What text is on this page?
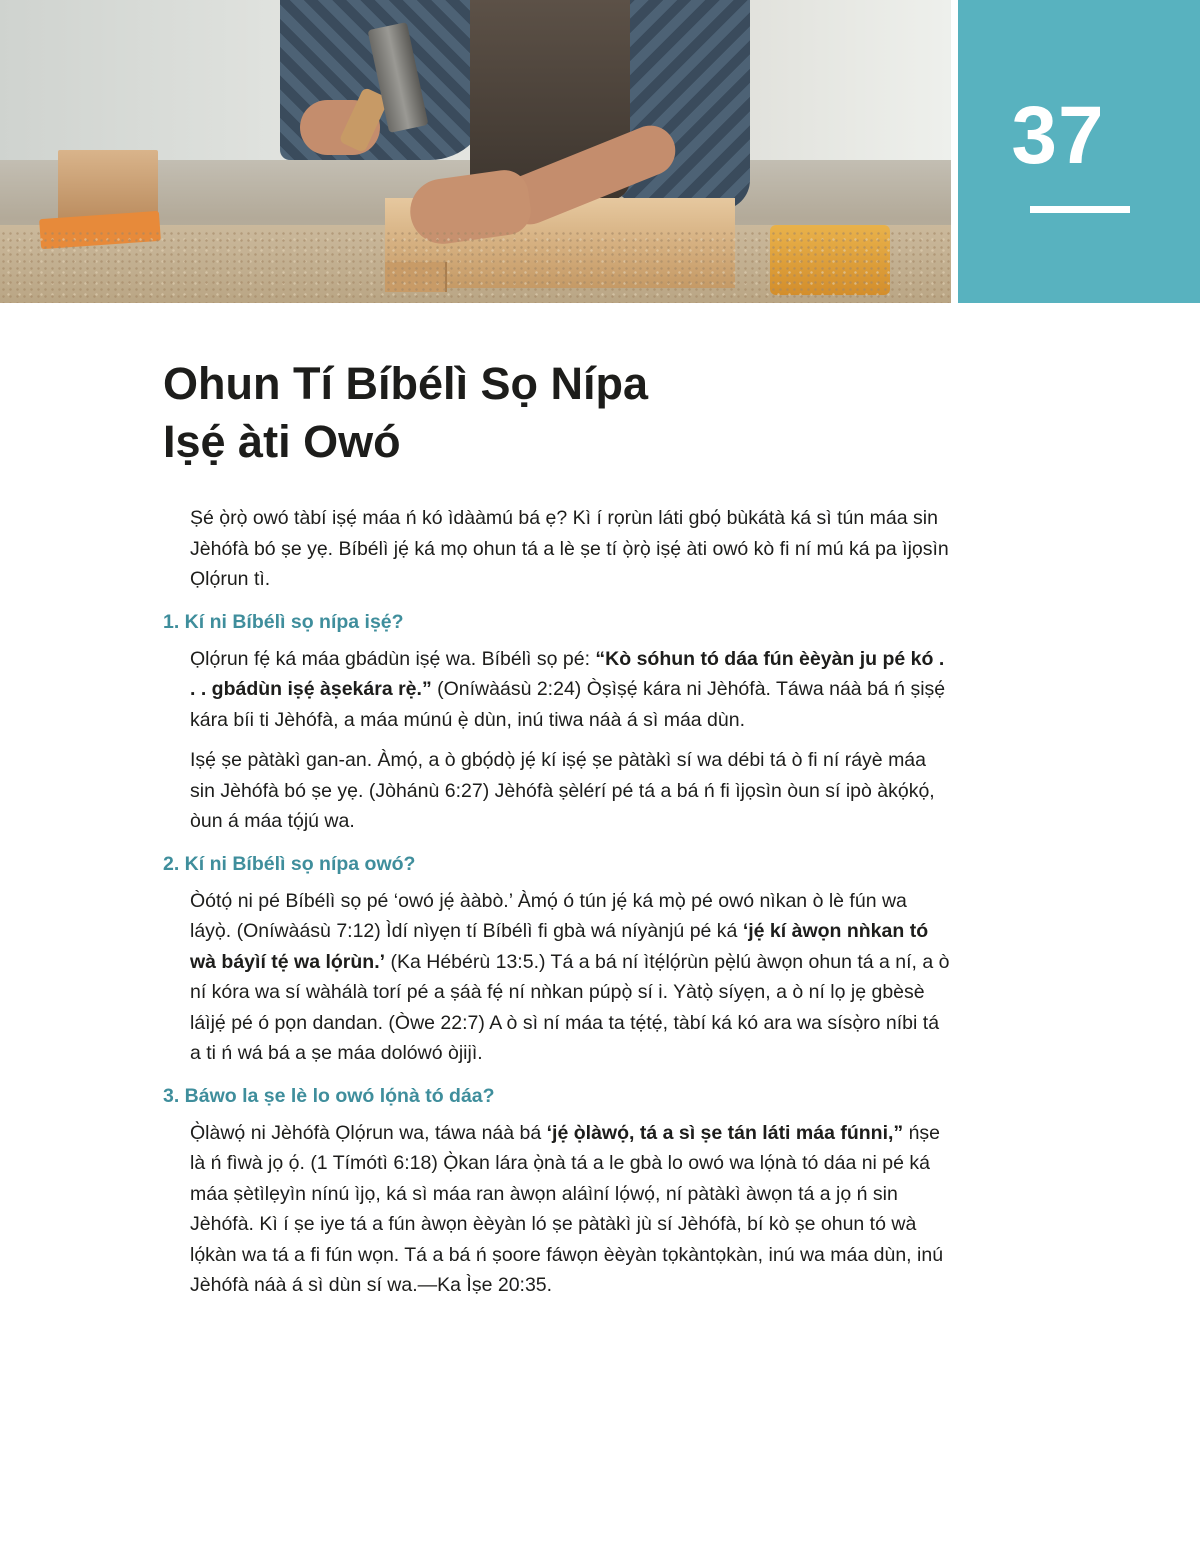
37
Ohun Tí Bíbélì Sọ Nípa
Iṣẹ́ àti Owó

Ṣé ọ̀rọ̀ owó tàbí iṣẹ́ máa ń kó ìdààmú bá ẹ? Kì í rọrùn láti gbọ́ bùkátà ká sì tún máa sin Jèhófà bó ṣe yẹ. Bíbélì jẹ́ ká mọ ohun tá a lè ṣe tí ọ̀rọ̀ iṣẹ́ àti owó kò fi ní mú ká pa ìjọsìn Ọlọ́run tì.

1. Kí ni Bíbélì sọ nípa iṣẹ́?

Ọlọ́run fẹ́ ká máa gbádùn iṣẹ́ wa. Bíbélì sọ pé: “Kò sóhun tó dáa fún èèyàn ju pé kó . . . gbádùn iṣẹ́ àṣekára rẹ̀.” (Oníwàásù 2:24) Òṣìṣẹ́ kára ni Jèhófà. Táwa náà bá ń ṣiṣẹ́ kára bíi ti Jèhófà, a máa múnú ẹ̀ dùn, inú tiwa náà á sì máa dùn.

Iṣẹ́ ṣe pàtàkì gan-an. Àmọ́, a ò gbọ́dọ̀ jẹ́ kí iṣẹ́ ṣe pàtàkì sí wa débi tá ò fi ní ráyè máa sin Jèhófà bó ṣe yẹ. (Jòhánù 6:27) Jèhófà ṣèlérí pé tá a bá ń fi ìjọsìn òun sí ipò àkọ́kọ́, òun á máa tọ́jú wa.

2. Kí ni Bíbélì sọ nípa owó?

Òótọ́ ni pé Bíbélì sọ pé ‘owó jẹ́ ààbò.’ Àmọ́ ó tún jẹ́ ká mọ̀ pé owó nìkan ò lè fún wa láyọ̀. (Oníwàásù 7:12) Ìdí nìyẹn tí Bíbélì fi gbà wá níyànjú pé ká ‘jẹ́ kí àwọn nǹkan tó wà báyìí tẹ́ wa lọ́rùn.’ (Ka Hébérù 13:5.) Tá a bá ní ìtẹ́lọ́rùn pẹ̀lú àwọn ohun tá a ní, a ò ní kóra wa sí wàhálà torí pé a ṣáà fẹ́ ní nǹkan púpọ̀ sí i. Yàtọ̀ síyẹn, a ò ní lọ jẹ gbèsè láìjẹ́ pé ó pọn dandan. (Òwe 22:7) A ò sì ní máa ta tẹ́tẹ́, tàbí ká kó ara wa sísọ̀ro níbi tá a ti ń wá bá a ṣe máa dolówó òjijì.

3. Báwo la ṣe lè lo owó lọ́nà tó dáa?

Ọ̀làwọ́ ni Jèhófà Ọlọ́run wa, táwa náà bá ‘jẹ́ ọ̀làwọ́, tá a sì ṣe tán láti máa fúnni,” ńṣe là ń fìwà jọ ọ́. (1 Tímótì 6:18) Ọ̀kan lára ọ̀nà tá a le gbà lo owó wa lọ́nà tó dáa ni pé ká máa ṣètìlẹyìn nínú ìjọ, ká sì máa ran àwọn aláìní lọ́wọ́, ní pàtàkì àwọn tá a jọ ń sin Jèhófà. Kì í ṣe iye tá a fún àwọn èèyàn ló ṣe pàtàkì jù sí Jèhófà, bí kò ṣe ohun tó wà lọ́kàn wa tá a fi fún wọn. Tá a bá ń ṣoore fáwọn èèyàn tọkàntọkàn, inú wa máa dùn, inú Jèhófà náà á sì dùn sí wa.—Ka Ìṣe 20:35.
